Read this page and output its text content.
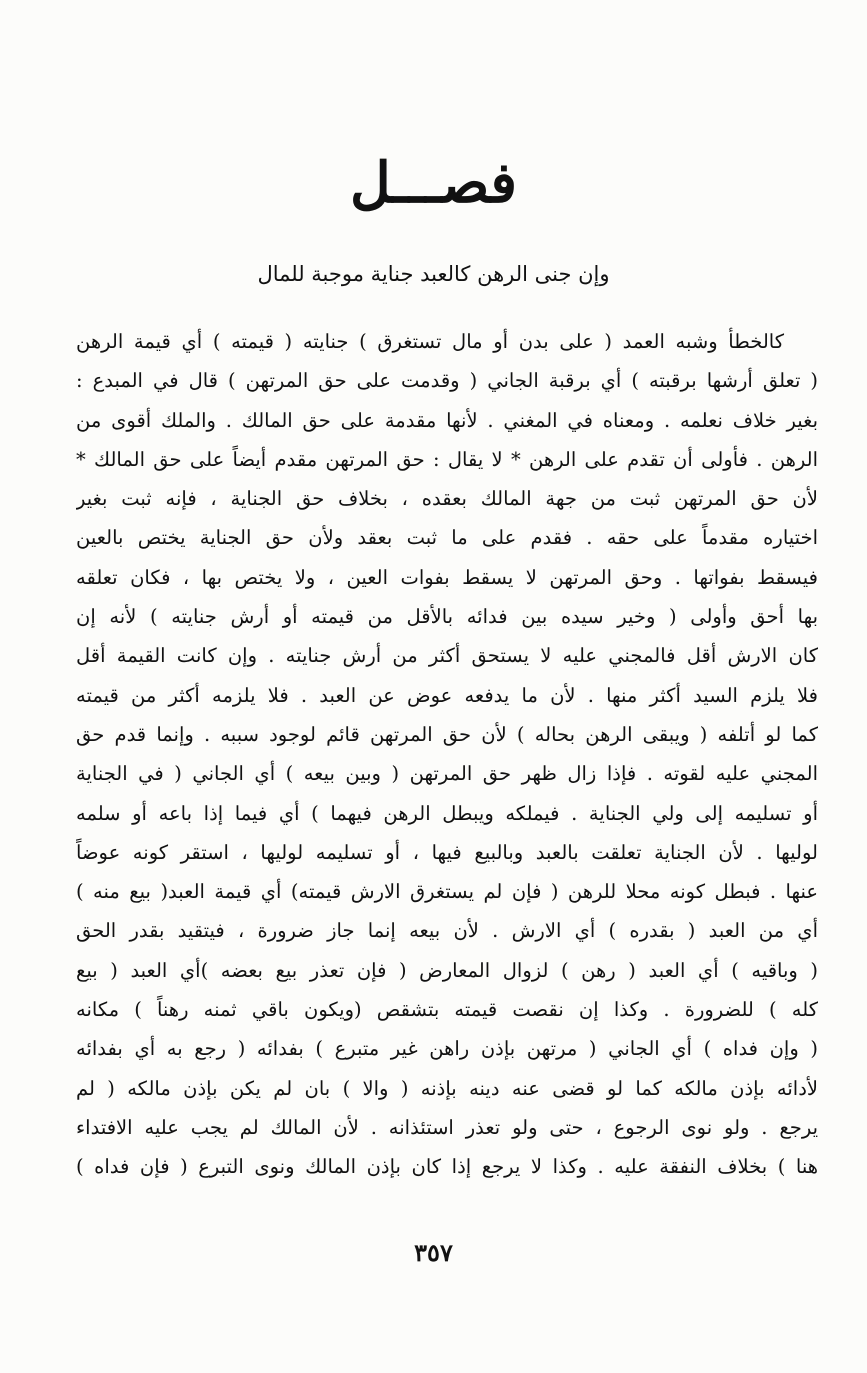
فصـــل
وإن جنى الرهن كالعبد جناية موجبة للمال
كالخطأ وشبه العمد ( على بدن أو مال تستغرق ) جنايته ( قيمته ) أي قيمة الرهن
( تعلق أرشها برقبته ) أي برقبة الجاني ( وقدمت على حق المرتهن ) قال في المبدع :
بغير خلاف نعلمه . ومعناه في المغني . لأنها مقدمة على حق المالك . والملك أقوى من
الرهن . فأولى أن تقدم على الرهن * لا يقال : حق المرتهن مقدم أيضاً على حق المالك *
لأن حق المرتهن ثبت من جهة المالك بعقده ، بخلاف حق الجناية ، فإنه ثبت بغير
اختياره مقدماً على حقه . فقدم على ما ثبت بعقد ولأن حق الجناية يختص بالعين
فيسقط بفواتها . وحق المرتهن لا يسقط بفوات العين ، ولا يختص بها ، فكان تعلقه
بها أحق وأولى ( وخير سيده بين فدائه بالأقل من قيمته أو أرش جنايته ) لأنه إن
كان الارش أقل فالمجني عليه لا يستحق أكثر من أرش جنايته . وإن كانت القيمة أقل
فلا يلزم السيد أكثر منها . لأن ما يدفعه عوض عن العبد . فلا يلزمه أكثر من قيمته
كما لو أتلفه ( ويبقى الرهن بحاله ) لأن حق المرتهن قائم لوجود سببه . وإنما قدم حق
المجني عليه لقوته . فإذا زال ظهر حق المرتهن ( وبين بيعه ) أي الجاني ( في الجناية
أو تسليمه إلى ولي الجناية . فيملكه ويبطل الرهن فيهما ) أي فيما إذا باعه أو سلمه
لوليها . لأن الجناية تعلقت بالعبد وبالبيع فيها ، أو تسليمه لوليها ، استقر كونه عوضاً
عنها . فبطل كونه محلا للرهن ( فإن لم يستغرق الارش قيمته) أي قيمة العبد( بيع منه )
أي من العبد ( بقدره ) أي الارش . لأن بيعه إنما جاز ضرورة ، فيتقيد بقدر الحق
( وباقيه ) أي العبد ( رهن ) لزوال المعارض ( فإن تعذر بيع بعضه )أي العبد ( بيع
كله ) للضرورة . وكذا إن نقصت قيمته بتشقص (ويكون باقي ثمنه رهناً ) مكانه
( وإن فداه ) أي الجاني ( مرتهن بإذن راهن غير متبرع ) بفدائه ( رجع به أي بفدائه
لأدائه بإذن مالكه كما لو قضى عنه دينه بإذنه ( والا ) بان لم يكن بإذن مالكه ( لم
يرجع . ولو نوى الرجوع ، حتى ولو تعذر استئذانه . لأن المالك لم يجب عليه الافتداء
هنا ) بخلاف النفقة عليه . وكذا لا يرجع إذا كان بإذن المالك ونوى التبرع ( فإن فداه )
٣٥٧
